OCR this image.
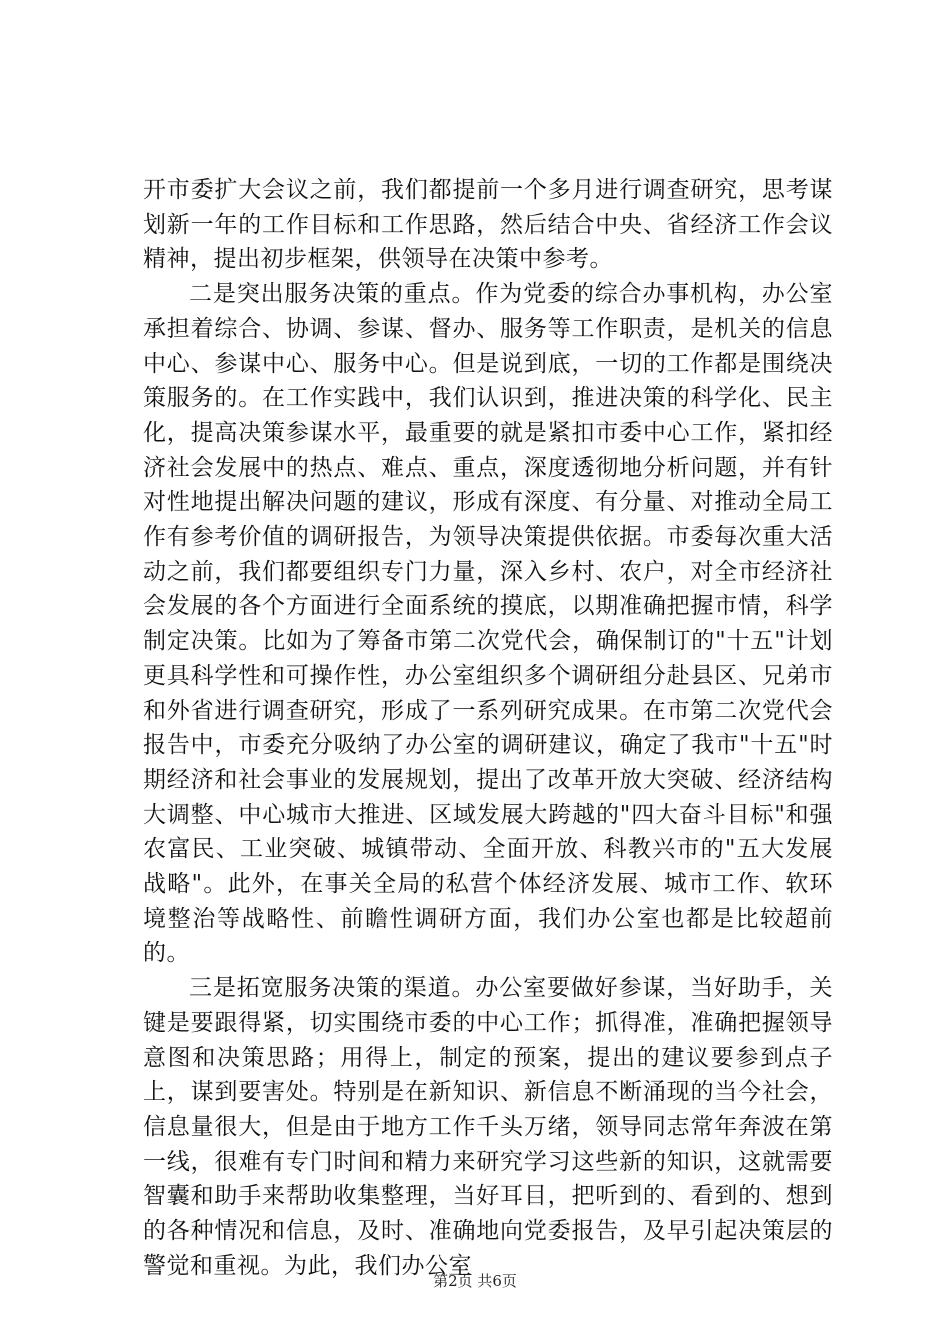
开市委扩大会议之前，我们都提前一个多月进行调查研究，思考谋划新一年的工作目标和工作思路，然后结合中央、省经济工作会议精神，提出初步框架，供领导在决策中参考。

二是突出服务决策的重点。作为党委的综合办事机构，办公室承担着综合、协调、参谋、督办、服务等工作职责，是机关的信息中心、参谋中心、服务中心。但是说到底，一切的工作都是围绕决策服务的。在工作实践中，我们认识到，推进决策的科学化、民主化，提高决策参谋水平，最重要的就是紧扣市委中心工作，紧扣经济社会发展中的热点、难点、重点，深度透彻地分析问题，并有针对性地提出解决问题的建议，形成有深度、有分量、对推动全局工作有参考价值的调研报告，为领导决策提供依据。市委每次重大活动之前，我们都要组织专门力量，深入乡村、农户，对全市经济社会发展的各个方面进行全面系统的摸底，以期准确把握市情，科学制定决策。比如为了筹备市第二次党代会，确保制订的"十五"计划更具科学性和可操作性，办公室组织多个调研组分赴县区、兄弟市和外省进行调查研究，形成了一系列研究成果。在市第二次党代会报告中，市委充分吸纳了办公室的调研建议，确定了我市"十五"时期经济和社会事业的发展规划，提出了改革开放大突破、经济结构大调整、中心城市大推进、区域发展大跨越的"四大奋斗目标"和强农富民、工业突破、城镇带动、全面开放、科教兴市的"五大发展战略"。此外，在事关全局的私营个体经济发展、城市工作、软环境整治等战略性、前瞻性调研方面，我们办公室也都是比较超前的。

三是拓宽服务决策的渠道。办公室要做好参谋，当好助手，关键是要跟得紧，切实围绕市委的中心工作；抓得准，准确把握领导意图和决策思路；用得上，制定的预案，提出的建议要参到点子上，谋到要害处。特别是在新知识、新信息不断涌现的当今社会，信息量很大，但是由于地方工作千头万绪，领导同志常年奔波在第一线，很难有专门时间和精力来研究学习这些新的知识，这就需要智囊和助手来帮助收集整理，当好耳目，把听到的、看到的、想到的各种情况和信息，及时、准确地向党委报告，及早引起决策层的警觉和重视。为此，我们办公室

第2页 共6页
